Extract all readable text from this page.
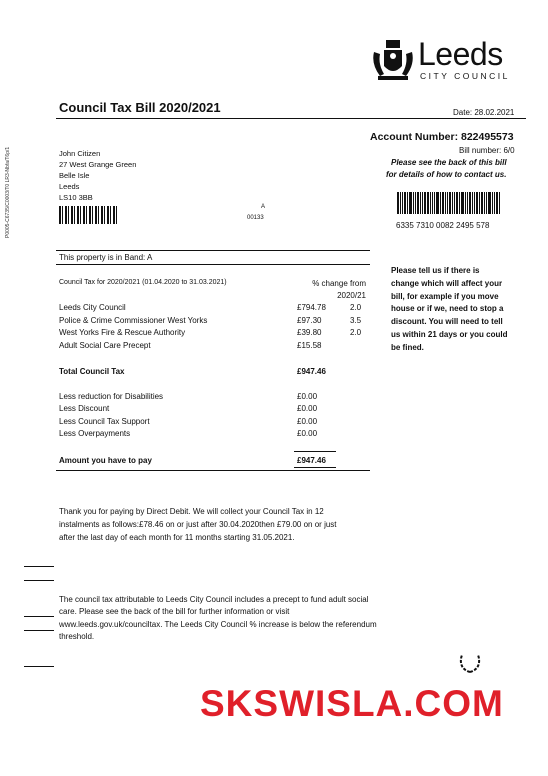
Leeds
CITY COUNCIL
Council Tax Bill 2020/2021	Date: 28.02.2021
P0005-C6735/C0003/T0 LR3-Nbfa/T6p/1	John Citizen
27 West Grange Green
Belle Isle
Leeds
LS10 3BB
A
00133
Account Number: 822495573
Bill number: 6/0
Please see the back of this bill
for details of how to contact us.
6335 7310 0082 2495 578
This property is in Band: A
Council Tax for 2020/2021 (01.04.2020 to 31.03.2021)	% change from
2020/21
Leeds City Council	£794.78	2.0
Police & Crime Commissioner West Yorks	£97.30	3.5
West Yorks Fire & Rescue Authority	£39.80	2.0
Adult Social Care Precept	£15.58
Total Council Tax	£947.46
Less reduction for Disabilities	£0.00
Less Discount	£0.00
Less Council Tax Support	£0.00
Less Overpayments	£0.00
Amount you have to pay	£947.46
Please tell us if there is
change which will affect your
bill, for example if you move
house or if we, need to stop a
discount. You will need to tell
us within 21 days or you could
be fined.
Thank you for paying by Direct Debit. We will collect your Council Tax in 12
instalments as follows:£78.46 on or just after 30.04.2020then £79.00 on or just
after the last day of each month for 11 months starting 31.05.2021.
The council tax attributable to Leeds City Council includes a precept to fund adult social
care. Please see the back of the bill for further information or visit
www.leeds.gov.uk/counciltax. The Leeds City Council % increase is below the referendum
threshold.
SKSWISLA.COM
